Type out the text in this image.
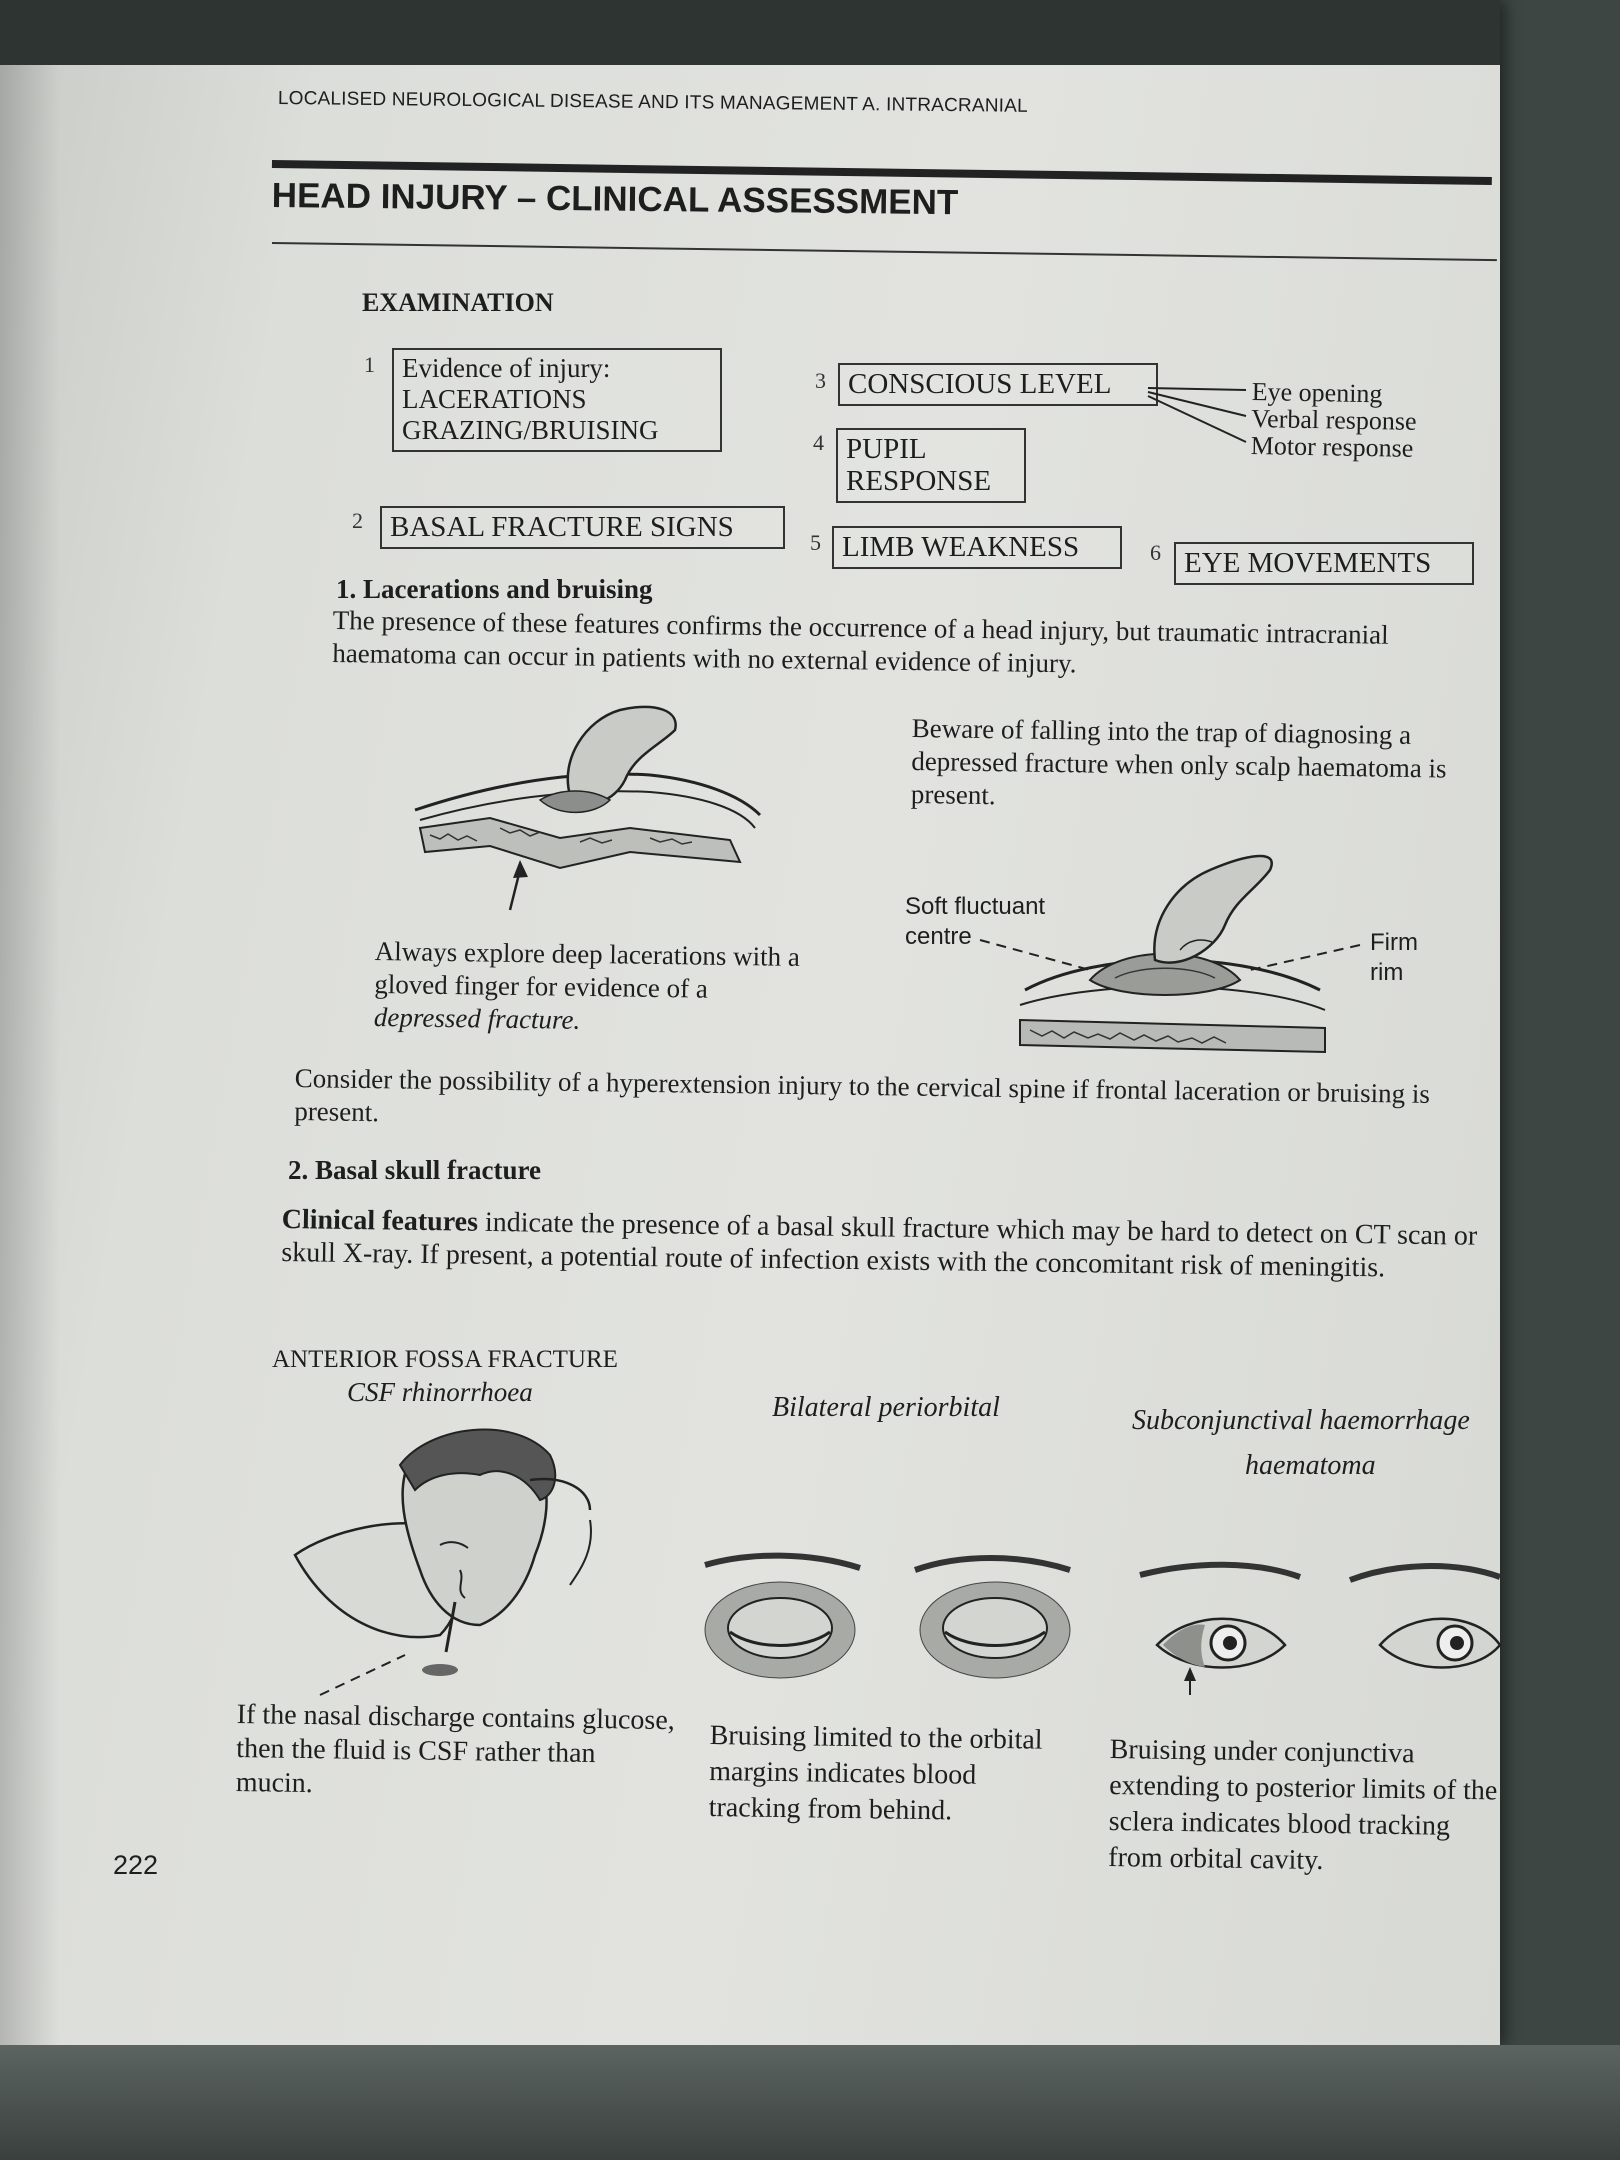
LOCALISED NEUROLOGICAL DISEASE AND ITS MANAGEMENT A. INTRACRANIAL
HEAD INJURY – CLINICAL ASSESSMENT
EXAMINATION
1 Evidence of injury:
LACERATIONS
GRAZING/BRUISING
3 CONSCIOUS LEVEL	Eye opening
Verbal response
Motor response
4 PUPIL
RESPONSE
2 BASAL FRACTURE SIGNS	5 LIMB WEAKNESS	6 EYE MOVEMENTS
1. Lacerations and bruising
The presence of these features confirms the occurrence of a head injury, but traumatic intracranial haematoma can occur in patients with no external evidence of injury.
Beware of falling into the trap of diagnosing a depressed fracture when only scalp haematoma is present.
Always explore deep lacerations with a gloved finger for evidence of a depressed fracture.
Soft fluctuant
centre	Firm
rim
Consider the possibility of a hyperextension injury to the cervical spine if frontal laceration or bruising is present.
2. Basal skull fracture
Clinical features indicate the presence of a basal skull fracture which may be hard to detect on CT scan or skull X-ray. If present, a potential route of infection exists with the concomitant risk of meningitis.
ANTERIOR FOSSA FRACTURE
CSF rhinorrhoea	Bilateral periorbital	Subconjunctival haemorrhage
haematoma
If the nasal discharge contains glucose, then the fluid is CSF rather than mucin.
Bruising limited to the orbital margins indicates blood tracking from behind.
Bruising under conjunctiva extending to posterior limits of the sclera indicates blood tracking from orbital cavity.
222
